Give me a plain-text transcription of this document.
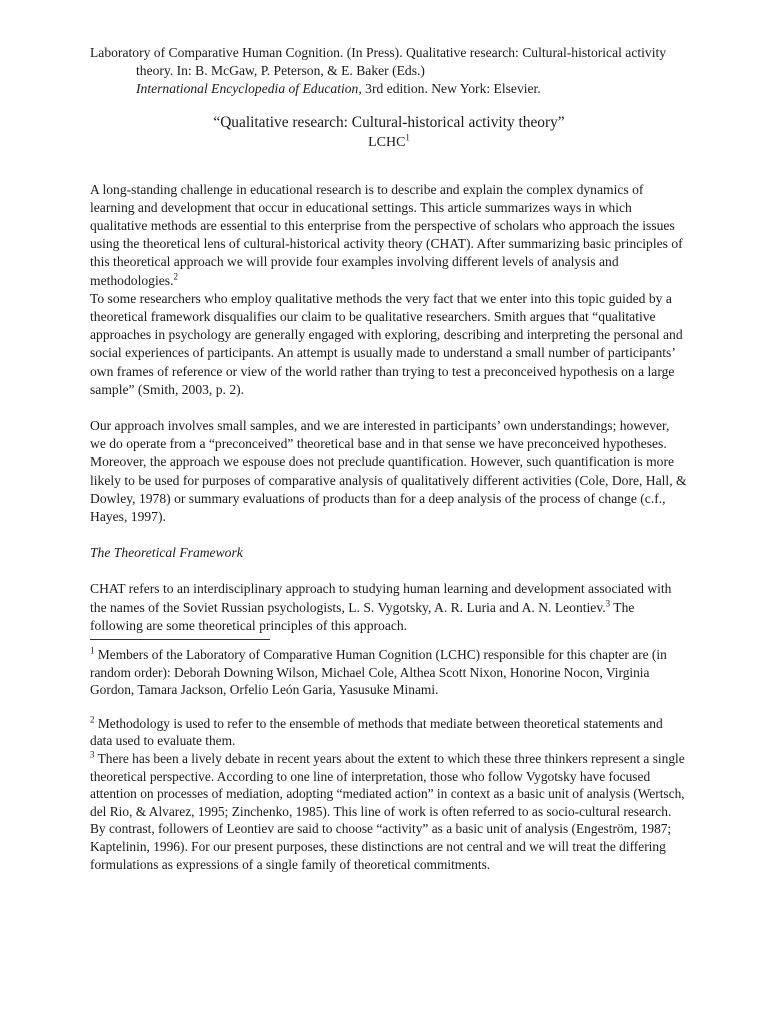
Laboratory of Comparative Human Cognition. (In Press). Qualitative research: Cultural-historical activity theory. In: B. McGaw, P. Peterson, & E. Baker (Eds.)
International Encyclopedia of Education, 3rd edition. New York: Elsevier.

“Qualitative research: Cultural-historical activity theory”

LCHC$^1$

A long-standing challenge in educational research is to describe and explain the complex dynamics of learning and development that occur in educational settings. This article summarizes ways in which qualitative methods are essential to this enterprise from the perspective of scholars who approach the issues using the theoretical lens of cultural-historical activity theory (CHAT). After summarizing basic principles of this theoretical approach we will provide four examples involving different levels of analysis and methodologies.$^2$

To some researchers who employ qualitative methods the very fact that we enter into this topic guided by a theoretical framework disqualifies our claim to be qualitative researchers. Smith argues that “qualitative approaches in psychology are generally engaged with exploring, describing and interpreting the personal and social experiences of participants. An attempt is usually made to understand a small number of participants’ own frames of reference or view of the world rather than trying to test a preconceived hypothesis on a large sample” (Smith, 2003, p. 2).

Our approach involves small samples, and we are interested in participants’ own understandings; however, we do operate from a “preconceived” theoretical base and in that sense we have preconceived hypotheses. Moreover, the approach we espouse does not preclude quantification. However, such quantification is more likely to be used for purposes of comparative analysis of qualitatively different activities (Cole, Dore, Hall, & Dowley, 1978) or summary evaluations of products than for a deep analysis of the process of change (c.f., Hayes, 1997).

The Theoretical Framework

CHAT refers to an interdisciplinary approach to studying human learning and development associated with the names of the Soviet Russian psychologists, L. S. Vygotsky, A. R. Luria and A. N. Leontiev.$^3$ The following are some theoretical principles of this approach.

$^1$ Members of the Laboratory of Comparative Human Cognition (LCHC) responsible for this chapter are (in random order): Deborah Downing Wilson, Michael Cole, Althea Scott Nixon, Honorine Nocon, Virginia Gordon, Tamara Jackson, Orfelio León Garia, Yasusuke Minami.

$^2$ Methodology is used to refer to the ensemble of methods that mediate between theoretical statements and data used to evaluate them.

$^3$ There has been a lively debate in recent years about the extent to which these three thinkers represent a single theoretical perspective. According to one line of interpretation, those who follow Vygotsky have focused attention on processes of mediation, adopting “mediated action” in context as a basic unit of analysis (Wertsch, del Rio, & Alvarez, 1995; Zinchenko, 1985). This line of work is often referred to as socio-cultural research. By contrast, followers of Leontiev are said to choose “activity” as a basic unit of analysis (Engeström, 1987; Kaptelinin, 1996). For our present purposes, these distinctions are not central and we will treat the differing formulations as expressions of a single family of theoretical commitments.
